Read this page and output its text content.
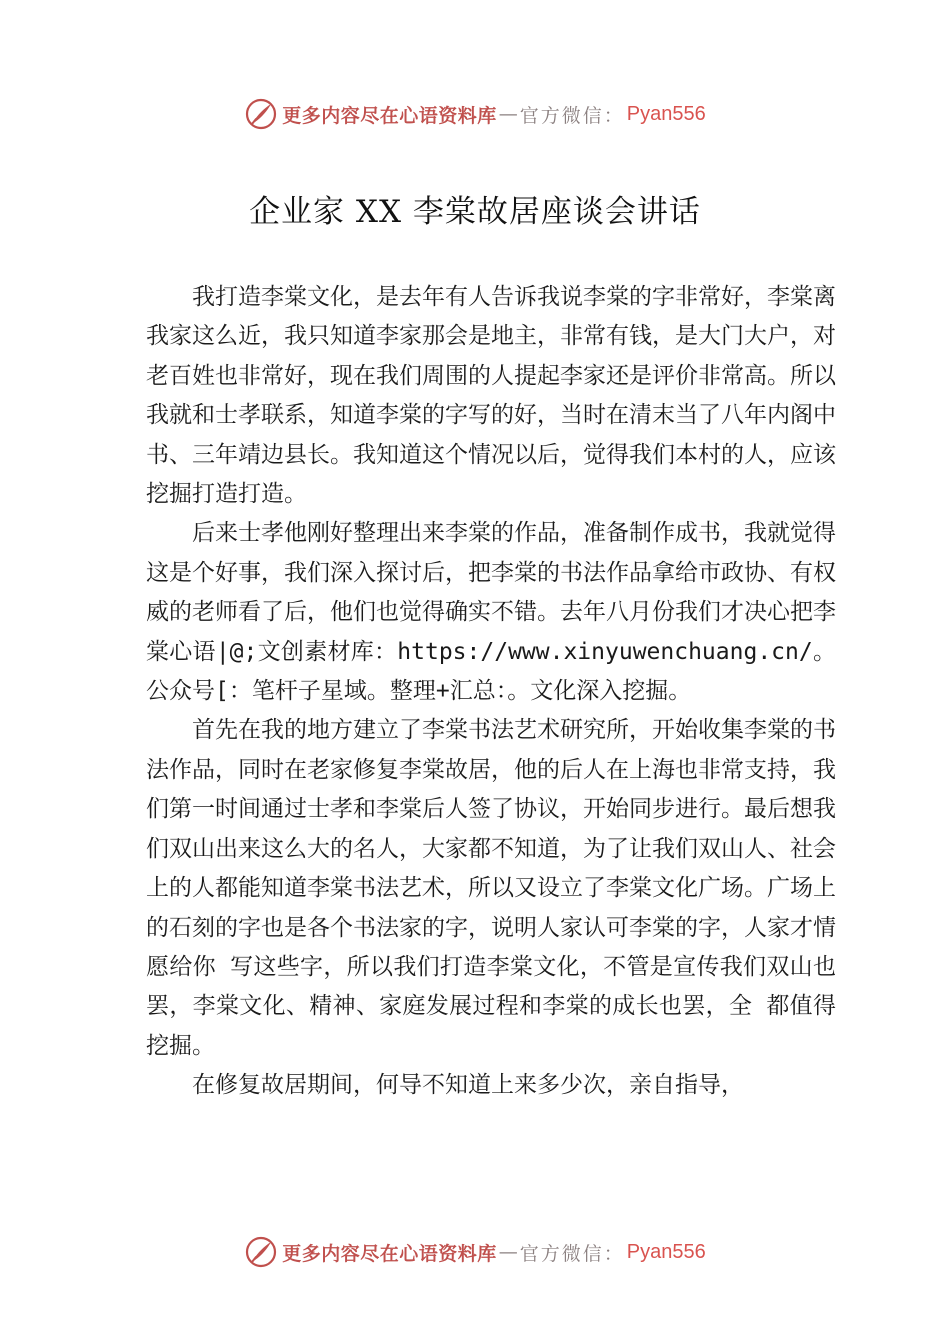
更多内容尽在心语资料库 — 官方微信： Pyan556
企业家 XX 李棠故居座谈会讲话

我打造李棠文化，是去年有人告诉我说李棠的字非常好，李棠离我家这么近，我只知道李家那会是地主，非常有钱，是大门大户，对老百姓也非常好，现在我们周围的人提起李家还是评价非常高。所以我就和士孝联系，知道李棠的字写的好，当时在清末当了八年内阁中书、三年靖边县长。我知道这个情况以后，觉得我们本村的人，应该挖掘打造打造。

后来士孝他刚好整理出来李棠的作品，准备制作成书，我就觉得这是个好事，我们深入探讨后，把李棠的书法作品拿给市政协、有权威的老师看了后，他们也觉得确实不错。去年八月份我们才决心把李棠心语|@;文创素材库：https://www.xinyuwenchuang.cn/。公众号[：笔杆子星域。整理+汇总：。文化深入挖掘。

首先在我的地方建立了李棠书法艺术研究所，开始收集李棠的书法作品，同时在老家修复李棠故居，他的后人在上海也非常支持，我们第一时间通过士孝和李棠后人签了协议，开始同步进行。最后想我们双山出来这么大的名人，大家都不知道，为了让我们双山人、社会上的人都能知道李棠书法艺术，所以又设立了李棠文化广场。广场上的石刻的字也是各个书法家的字，说明人家认可李棠的字，人家才情愿给你 写这些字，所以我们打造李棠文化，不管是宣传我们双山也 罢，李棠文化、精神、家庭发展过程和李棠的成长也罢，全 都值得挖掘。

在修复故居期间，何导不知道上来多少次，亲自指导，

更多内容尽在心语资料库 — 官方微信： Pyan556
